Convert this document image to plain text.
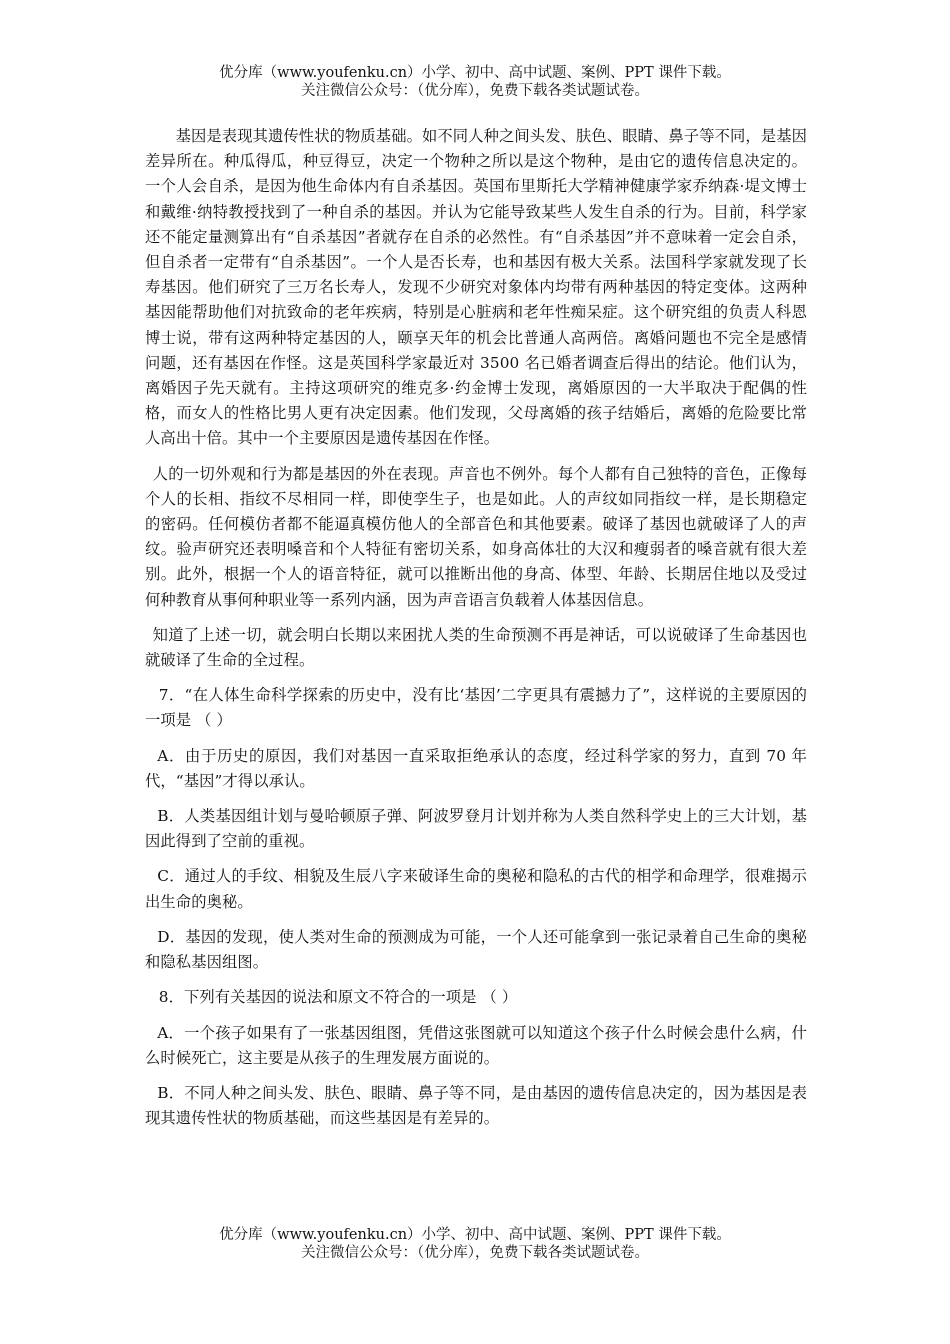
优分库（www.youfenku.cn）小学、初中、高中试题、案例、PPT 课件下载。
关注微信公众号：（优分库），免费下载各类试题试卷。

基因是表现其遗传性状的物质基础。如不同人种之间头发、肤色、眼睛、鼻子等不同，是基因差异所在。种瓜得瓜，种豆得豆，决定一个物种之所以是这个物种，是由它的遗传信息决定的。一个人会自杀，是因为他生命体内有自杀基因。英国布里斯托大学精神健康学家乔纳森·堤文博士和戴维·纳特教授找到了一种自杀的基因。并认为它能导致某些人发生自杀的行为。目前，科学家还不能定量测算出有“自杀基因”者就存在自杀的必然性。有“自杀基因”并不意味着一定会自杀，但自杀者一定带有“自杀基因”。一个人是否长寿，也和基因有极大关系。法国科学家就发现了长寿基因。他们研究了三万名长寿人，发现不少研究对象体内均带有两种基因的特定变体。这两种基因能帮助他们对抗致命的老年疾病，特别是心脏病和老年性痴呆症。这个研究组的负责人科恩博士说，带有这两种特定基因的人，颐享天年的机会比普通人高两倍。离婚问题也不完全是感情问题，还有基因在作怪。这是英国科学家最近对 3500 名已婚者调查后得出的结论。他们认为，离婚因子先天就有。主持这项研究的维克多·约金博士发现，离婚原因的一大半取决于配偶的性格，而女人的性格比男人更有决定因素。他们发现，父母离婚的孩子结婚后，离婚的危险要比常人高出十倍。其中一个主要原因是遗传基因在作怪。

人的一切外观和行为都是基因的外在表现。声音也不例外。每个人都有自己独特的音色，正像每个人的长相、指纹不尽相同一样，即使孪生子，也是如此。人的声纹如同指纹一样，是长期稳定的密码。任何模仿者都不能逼真模仿他人的全部音色和其他要素。破译了基因也就破译了人的声纹。验声研究还表明嗓音和个人特征有密切关系，如身高体壮的大汉和瘦弱者的嗓音就有很大差别。此外，根据一个人的语音特征，就可以推断出他的身高、体型、年龄、长期居住地以及受过何种教育从事何种职业等一系列内涵，因为声音语言负载着人体基因信息。

知道了上述一切，就会明白长期以来困扰人类的生命预测不再是神话，可以说破译了生命基因也就破译了生命的全过程。

7．“在人体生命科学探索的历史中，没有比‘基因’二字更具有震撼力了”，这样说的主要原因的一项是 （ ）

A．由于历史的原因，我们对基因一直采取拒绝承认的态度，经过科学家的努力，直到 70 年代，“基因”才得以承认。

B．人类基因组计划与曼哈顿原子弹、阿波罗登月计划并称为人类自然科学史上的三大计划，基因此得到了空前的重视。

C．通过人的手纹、相貌及生辰八字来破译生命的奥秘和隐私的古代的相学和命理学，很难揭示出生命的奥秘。

D．基因的发现，使人类对生命的预测成为可能，一个人还可能拿到一张记录着自己生命的奥秘和隐私基因组图。

8．下列有关基因的说法和原文不符合的一项是 （ ）

A．一个孩子如果有了一张基因组图，凭借这张图就可以知道这个孩子什么时候会患什么病，什么时候死亡，这主要是从孩子的生理发展方面说的。

B．不同人种之间头发、肤色、眼睛、鼻子等不同，是由基因的遗传信息决定的，因为基因是表现其遗传性状的物质基础，而这些基因是有差异的。

优分库（www.youfenku.cn）小学、初中、高中试题、案例、PPT 课件下载。
关注微信公众号：（优分库），免费下载各类试题试卷。
